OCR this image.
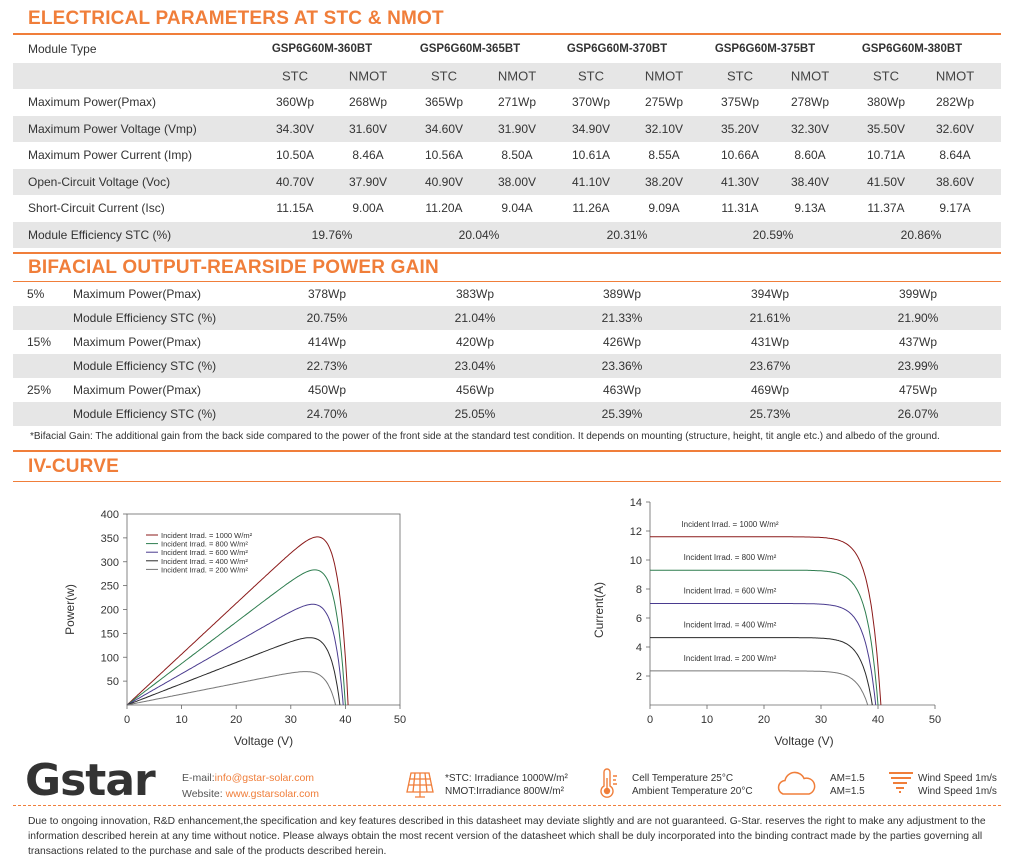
ELECTRICAL PARAMETERS AT STC & NMOT
Module Type	GSP6G60M-360BT	GSP6G60M-365BT	GSP6G60M-370BT	GSP6G60M-375BT	GSP6G60M-380BT
STC	NMOT	STC	NMOT	STC	NMOT	STC	NMOT	STC	NMOT
Maximum Power(Pmax)	360Wp	268Wp	365Wp	271Wp	370Wp	275Wp	375Wp	278Wp	380Wp	282Wp
Maximum Power Voltage (Vmp)	34.30V	31.60V	34.60V	31.90V	34.90V	32.10V	35.20V	32.30V	35.50V	32.60V
Maximum Power Current (Imp)	10.50A	8.46A	10.56A	8.50A	10.61A	8.55A	10.66A	8.60A	10.71A	8.64A
Open-Circuit Voltage (Voc)	40.70V	37.90V	40.90V	38.00V	41.10V	38.20V	41.30V	38.40V	41.50V	38.60V
Short-Circuit Current (Isc)	11.15A	9.00A	11.20A	9.04A	11.26A	9.09A	11.31A	9.13A	11.37A	9.17A
Module Efficiency STC (%)	19.76%	20.04%	20.31%	20.59%	20.86%
BIFACIAL OUTPUT-REARSIDE POWER GAIN
5% Maximum Power(Pmax)	378Wp	383Wp	389Wp	394Wp	399Wp
Module Efficiency STC (%)	20.75%	21.04%	21.33%	21.61%	21.90%
15% Maximum Power(Pmax)	414Wp	420Wp	426Wp	431Wp	437Wp
Module Efficiency STC (%)	22.73%	23.04%	23.36%	23.67%	23.99%
25% Maximum Power(Pmax)	450Wp	456Wp	463Wp	469Wp	475Wp
Module Efficiency STC (%)	24.70%	25.05%	25.39%	25.73%	26.07%
*Bifacial Gain: The additional gain from the back side compared to the power of the front side at the standard test condition. It depends on mounting (structure, height, tit angle etc.) and albedo of the ground.
IV-CURVE
0	10	20	30	40	50
50
100
150
200
250
300
350
400
Voltage (V)
Power(w)
Incident Irrad. = 1000 W/m²
Incident Irrad. = 800 W/m²
Incident Irrad. = 600 W/m²
Incident Irrad. = 400 W/m²
Incident Irrad. = 200 W/m²
0	10	20	30	40	50
2
4
6
8
10
12
14
Voltage (V)
Current(A)
Incident Irrad. = 1000 W/m²
Incident Irrad. = 800 W/m²
Incident Irrad. = 600 W/m²
Incident Irrad. = 400 W/m²
Incident Irrad. = 200 W/m²
Gstar	E-mail:info@gstar-solar.com
Website: www.gstarsolar.com
*STC: Irradiance 1000W/m²
NMOT:Irradiance 800W/m²
Cell Temperature 25°C
Ambient Temperature 20°C
AM=1.5
AM=1.5
Wind Speed 1m/s
Wind Speed 1m/s
Due to ongoing innovation, R&D enhancement,the specification and key features described in this datasheet may deviate slightly and are not guaranteed. G-Star. reserves the right to make any adjustment to the information described herein at any time without notice. Please always obtain the most recent version of the datasheet which shall be duly incorporated into the binding contract made by the parties governing all transactions related to the purchase and sale of the products described herein.
